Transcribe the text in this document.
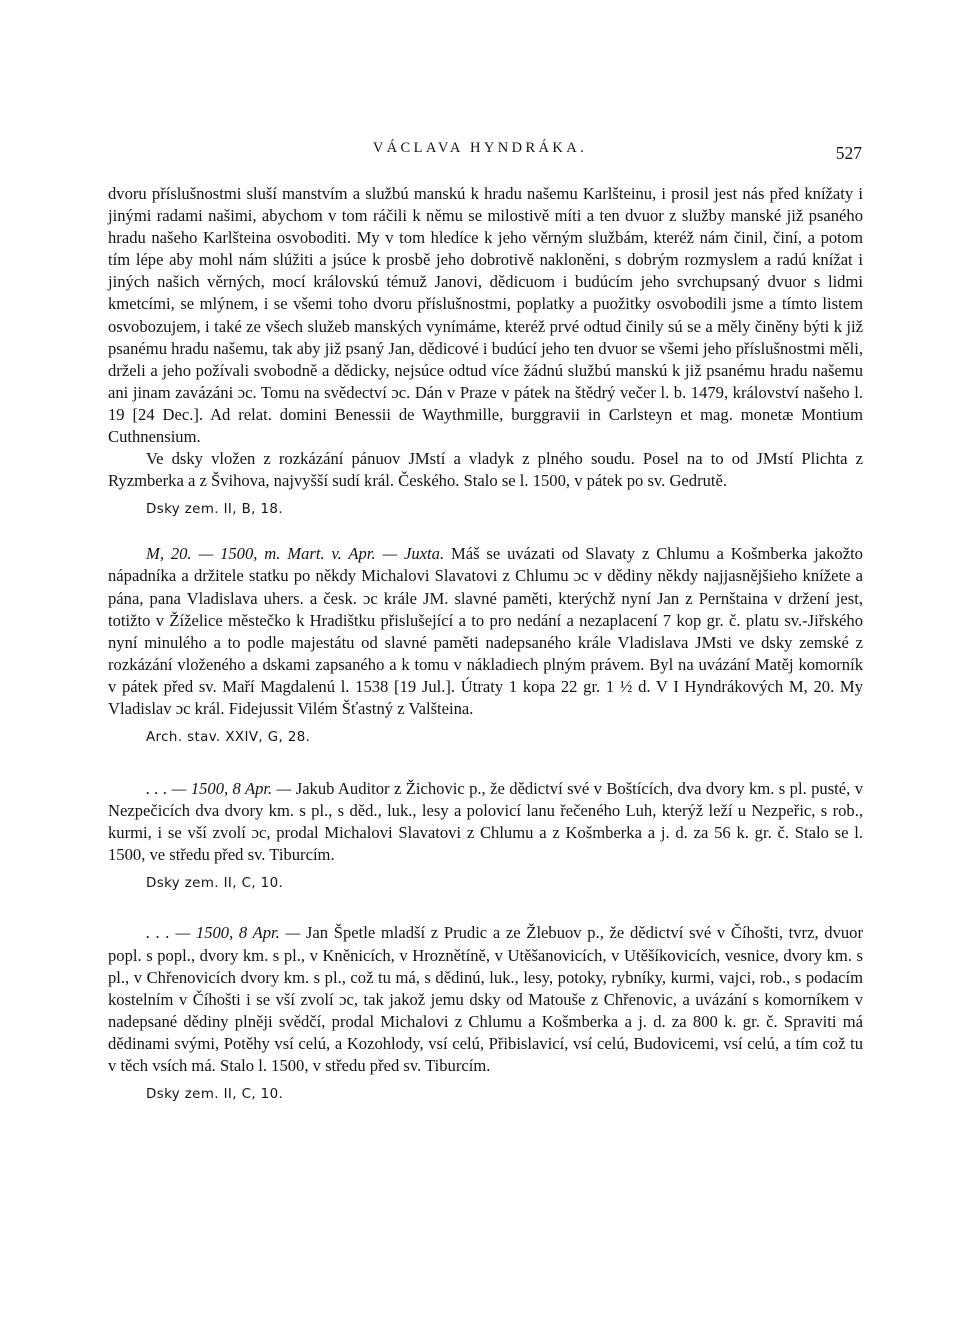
VÁCLAVA HYNDRÁKA.	527

dvoru příslušnostmi sluší manstvím a službú manskú k hradu našemu Karlšteinu, i prosil jest nás před knížaty i jinými radami našimi, abychom v tom ráčili k němu se milostivě míti a ten dvuor z služby manské již psaného hradu našeho Karlšteina osvoboditi. My v tom hledíce k jeho věrným službám, kteréž nám činil, činí, a potom tím lépe aby mohl nám slúžiti a jsúce k prosbě jeho dobrotivě nakloněni, s dobrým rozmyslem a radú knížat i jiných našich věrných, mocí královskú témuž Janovi, dědicuom i budúcím jeho svrchupsaný dvuor s lidmi kmetcími, se mlýnem, i se všemi toho dvoru příslušnostmi, poplatky a puožitky osvobodili jsme a tímto listem osvobozujem, i také ze všech služeb manských vynímáme, kteréž prvé odtud činily sú se a měly činěny býti k již psanému hradu našemu, tak aby již psaný Jan, dědicové i budúcí jeho ten dvuor se všemi jeho příslušnostmi měli, drželi a jeho požívali svobodně a dědicky, nejsúce odtud více žádnú službú manskú k již psanému hradu našemu ani jinam zavázáni ɔc. Tomu na svědectví ɔc. Dán v Praze v pátek na štědrý večer l. b. 1479, království našeho l. 19 [24 Dec.]. Ad relat. domini Benessii de Waythmille, burggravii in Carlsteyn et mag. monetæ Montium Cuthnensium.

Ve dsky vložen z rozkázání pánuov JMstí a vladyk z plného soudu. Posel na to od JMstí Plichta z Ryzmberka a z Švihova, najvyšší sudí král. Českého. Stalo se l. 1500, v pátek po sv. Gedrutě.

Dsky zem. II, B, 18.

M, 20. — 1500, m. Mart. v. Apr. — Juxta. Máš se uvázati od Slavaty z Chlumu a Košmberka jakožto nápadníka a držitele statku po někdy Michalovi Slavatovi z Chlumu ɔc v dědiny někdy najjasnějšieho knížete a pána, pana Vladislava uhers. a česk. ɔc krále JM. slavné paměti, kterýchž nyní Jan z Pernštaina v držení jest, totižto v Žíželice městečko k Hradištku přislušející a to pro nedání a nezaplacení 7 kop gr. č. platu sv.-Jiřského nyní minulého a to podle majestátu od slavné paměti nadepsaného krále Vladislava JMsti ve dsky zemské z rozkázání vloženého a dskami zapsaného a k tomu v nákladiech plným právem. Byl na uvázání Matěj komorník v pátek před sv. Maří Magdalenú l. 1538 [19 Jul.]. Útraty 1 kopa 22 gr. 1 ½ d. V I Hyndrákových M, 20. My Vladislav ɔc král. Fidejussit Vilém Šťastný z Valšteina.

Arch. stav. XXIV, G, 28.

. . . — 1500, 8 Apr. — Jakub Auditor z Žichovic p., že dědictví své v Boštících, dva dvory km. s pl. pusté, v Nezpečicích dva dvory km. s pl., s děd., luk., lesy a polovicí lanu řečeného Luh, kterýž leží u Nezpeřic, s rob., kurmi, i se vší zvolí ɔc, prodal Michalovi Slavatovi z Chlumu a z Košmberka a j. d. za 56 k. gr. č. Stalo se l. 1500, ve středu před sv. Tiburcím.

Dsky zem. II, C, 10.

. . . — 1500, 8 Apr. — Jan Špetle mladší z Prudic a ze Žlebuov p., že dědictví své v Číhošti, tvrz, dvuor popl. s popl., dvory km. s pl., v Kněnicích, v Hroznětíně, v Utěšanovicích, v Utěšíkovicích, vesnice, dvory km. s pl., v Chřenovicích dvory km. s pl., což tu má, s dědinú, luk., lesy, potoky, rybníky, kurmi, vajci, rob., s podacím kostelním v Číhošti i se vší zvolí ɔc, tak jakož jemu dsky od Matouše z Chřenovic, a uvázání s komorníkem v nadepsané dědiny plněji svědčí, prodal Michalovi z Chlumu a Košmberka a j. d. za 800 k. gr. č. Spraviti má dědinami svými, Potěhy vsí celú, a Kozohlody, vsí celú, Přibislavicí, vsí celú, Budovicemi, vsí celú, a tím což tu v těch vsích má. Stalo l. 1500, v středu před sv. Tiburcím.

Dsky zem. II, C, 10.
